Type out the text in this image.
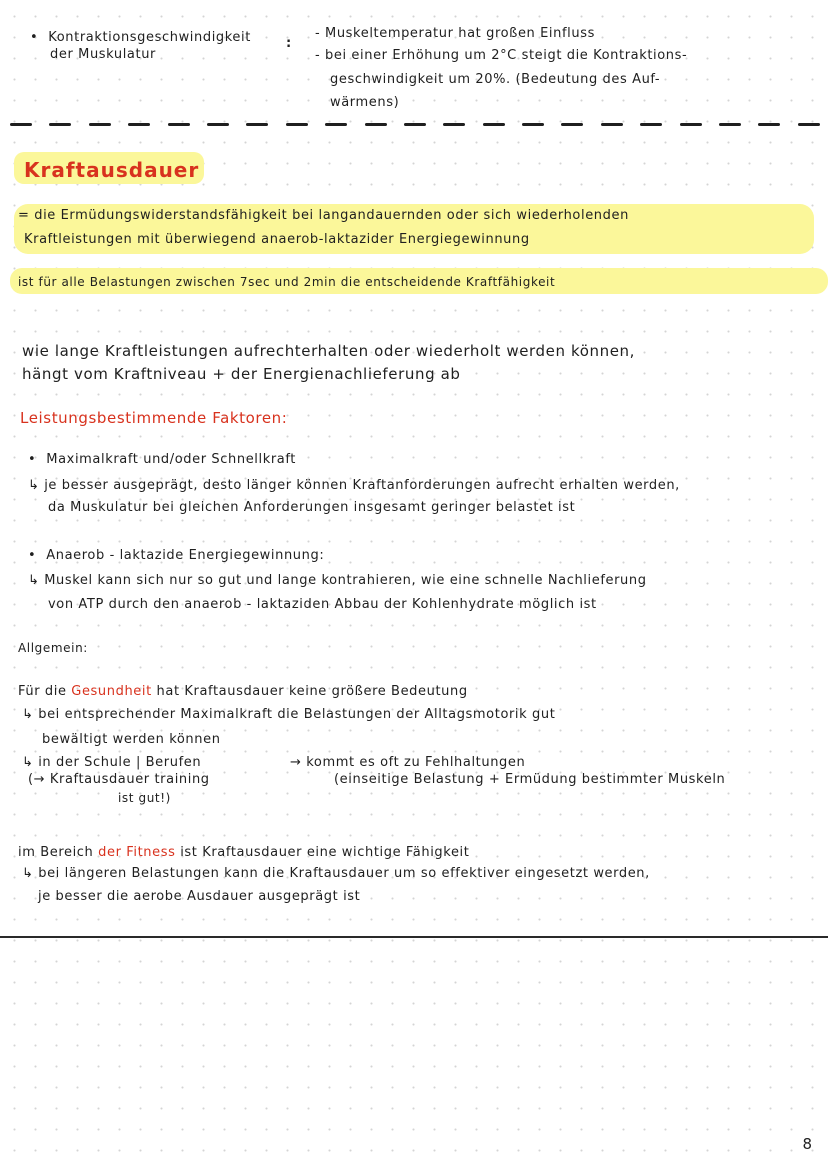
• Kontraktionsgeschwindigkeit
der Muskulatur
:
- Muskeltemperatur hat großen Einfluss
- bei einer Erhöhung um 2°C steigt die Kontraktions-
geschwindigkeit um 20%. (Bedeutung des Auf-
wärmens)
Kraftausdauer
= die Ermüdungswiderstandsfähigkeit bei langandauernden oder sich wiederholenden
Kraftleistungen mit überwiegend anaerob-laktazider Energiegewinnung
ist für alle Belastungen zwischen 7sec und 2min die entscheidende Kraftfähigkeit
wie lange Kraftleistungen aufrechterhalten oder wiederholt werden können,
hängt vom Kraftniveau + der Energienachlieferung ab
Leistungsbestimmende Faktoren:
• Maximalkraft und/oder Schnellkraft
↳ je besser ausgeprägt, desto länger können Kraftanforderungen aufrecht erhalten werden,
da Muskulatur bei gleichen Anforderungen insgesamt geringer belastet ist
• Anaerob - laktazide Energiegewinnung:
↳ Muskel kann sich nur so gut und lange kontrahieren, wie eine schnelle Nachlieferung
von ATP durch den anaerob - laktaziden Abbau der Kohlenhydrate möglich ist
Allgemein:
Für die Gesundheit hat Kraftausdauer keine größere Bedeutung
↳ bei entsprechender Maximalkraft die Belastungen der Alltagsmotorik gut
bewältigt werden können
↳ in der Schule | Berufen	→ kommt es oft zu Fehlhaltungen
(→ Kraftausdauer training
ist gut!)
(einseitige Belastung + Ermüdung bestimmter Muskeln
im Bereich der Fitness ist Kraftausdauer eine wichtige Fähigkeit
↳ bei längeren Belastungen kann die Kraftausdauer um so effektiver eingesetzt werden,
je besser die aerobe Ausdauer ausgeprägt ist
8
